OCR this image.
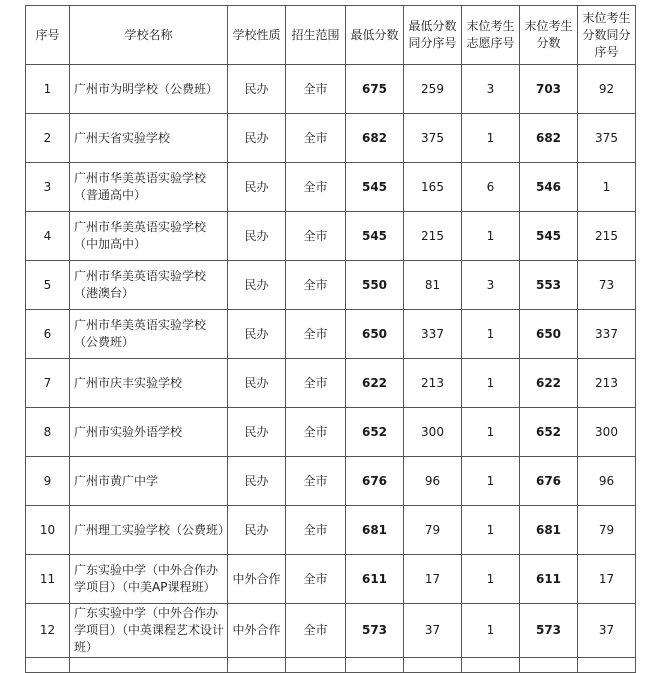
序号	学校名称	学校性质	招生范围	最低分数	最低分数同分序号	末位考生志愿序号	末位考生分数	末位考生分数同分序号
1	广州市为明学校（公费班）	民办	全市	675	259	3	703	92
2	广州天省实验学校	民办	全市	682	375	1	682	375
3	广州市华美英语实验学校（普通高中）	民办	全市	545	165	6	546	1
4	广州市华美英语实验学校（中加高中）	民办	全市	545	215	1	545	215
5	广州市华美英语实验学校（港澳台）	民办	全市	550	81	3	553	73
6	广州市华美英语实验学校（公费班）	民办	全市	650	337	1	650	337
7	广州市庆丰实验学校	民办	全市	622	213	1	622	213
8	广州市实验外语学校	民办	全市	652	300	1	652	300
9	广州市黄广中学	民办	全市	676	96	1	676	96
10	广州理工实验学校（公费班）	民办	全市	681	79	1	681	79
11	广东实验中学（中外合作办学项目）（中美AP课程班）	中外合作	全市	611	17	1	611	17
12	广东实验中学（中外合作办学项目）（中英课程艺术设计班）	中外合作	全市	573	37	1	573	37
